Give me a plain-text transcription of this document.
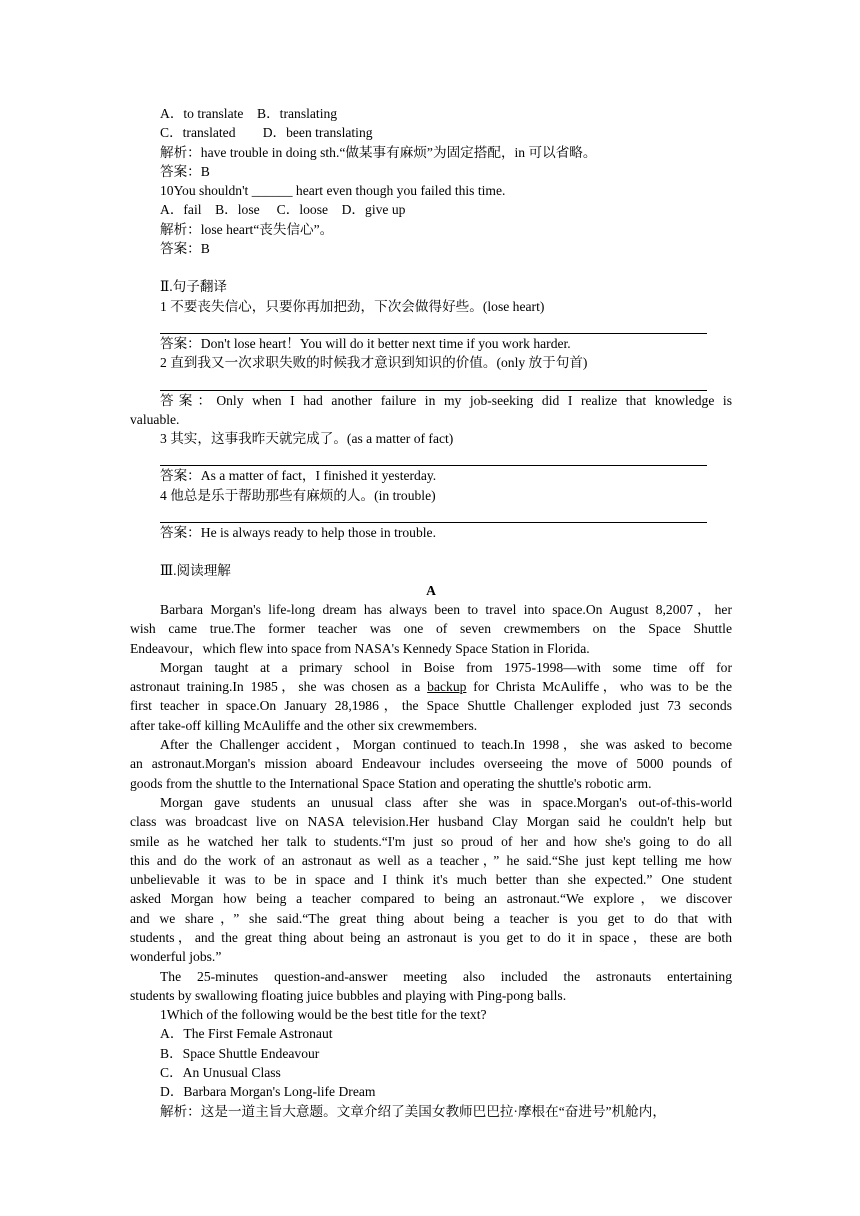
A．to translate　B．translating
C．translated　　D．been translating
解析：have trouble in doing sth.“做某事有麻烦”为固定搭配，in 可以省略。
答案：B
10You shouldn't ______ heart even though you failed this time.
A．fail　B．lose　 C．loose　D．give up
解析：lose heart“丧失信心”。
答案：B
Ⅱ.句子翻译
1 不要丧失信心，只要你再加把劲，下次会做得好些。(lose heart)
答案：Don't lose heart！You will do it better next time if you work harder.
2 直到我又一次求职失败的时候我才意识到知识的价值。(only 放于句首)
答案：Only when I had another failure in my job-seeking did I realize that knowledge is
valuable.
3 其实，这事我昨天就完成了。(as a matter of fact)
答案：As a matter of fact，I finished it yesterday.
4 他总是乐于帮助那些有麻烦的人。(in trouble)
答案：He is always ready to help those in trouble.
Ⅲ.阅读理解
A
Barbara Morgan's life-long dream has always been to travel into space.On August 8,2007，her
wish came true.The former teacher was one of seven crewmembers on the Space Shuttle
Endeavour，which flew into space from NASA's Kennedy Space Station in Florida.
Morgan taught at a primary school in Boise from 1975-1998—with some time off for
astronaut training.In 1985，she was chosen as a backup for Christa McAuliffe，who was to be the
first teacher in space.On January 28,1986，the Space Shuttle Challenger exploded just 73 seconds
after take-off killing McAuliffe and the other six crewmembers.
After the Challenger accident，Morgan continued to teach.In 1998，she was asked to become
an astronaut.Morgan's mission aboard Endeavour includes overseeing the move of 5000 pounds of
goods from the shuttle to the International Space Station and operating the shuttle's robotic arm.
Morgan gave students an unusual class after she was in space.Morgan's out-of-this-world
class was broadcast live on NASA television.Her husband Clay Morgan said he couldn't help but
smile as he watched her talk to students.“I'm just so proud of her and how she's going to do all
this and do the work of an astronaut as well as a teacher，” he said.“She just kept telling me how
unbelievable it was to be in space and I think it's much better than she expected.” One student
asked Morgan how being a teacher compared to being an astronaut.“We explore，we discover
and we share，” she said.“The great thing about being a teacher is you get to do that with
students，and the great thing about being an astronaut is you get to do it in space，these are both
wonderful jobs.”
The 25-minutes question-and-answer meeting also included the astronauts entertaining
students by swallowing floating juice bubbles and playing with Ping-pong balls.
1Which of the following would be the best title for the text?
A．The First Female Astronaut
B．Space Shuttle Endeavour
C．An Unusual Class
D．Barbara Morgan's Long-life Dream
解析：这是一道主旨大意题。文章介绍了美国女教师巴巴拉·摩根在“奋进号”机舱内，
